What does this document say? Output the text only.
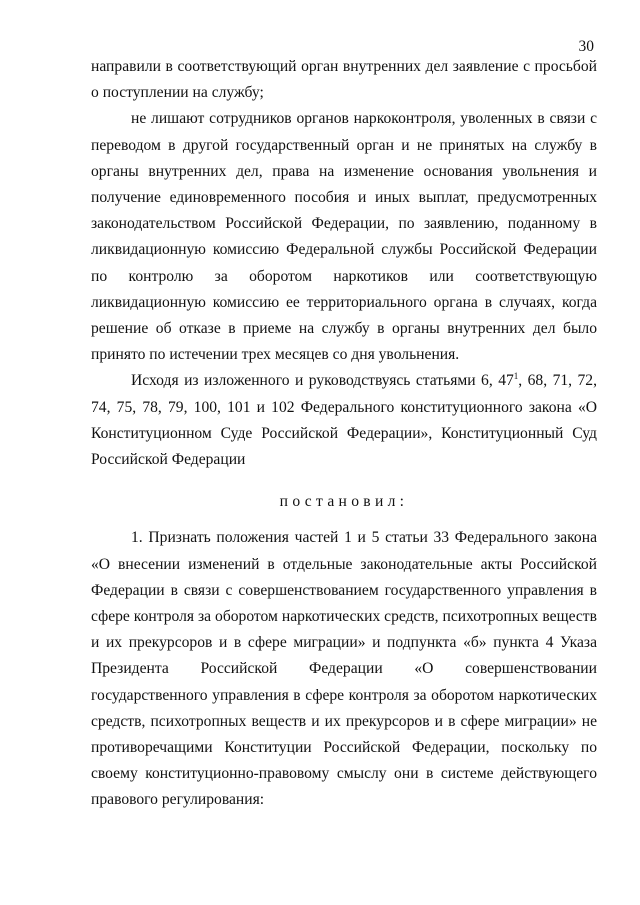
30

направили в соответствующий орган внутренних дел заявление с просьбой о поступлении на службу;

не лишают сотрудников органов наркоконтроля, уволенных в связи с переводом в другой государственный орган и не принятых на службу в органы внутренних дел, права на изменение основания увольнения и получение единовременного пособия и иных выплат, предусмотренных законодательством Российской Федерации, по заявлению, поданному в ликвидационную комиссию Федеральной службы Российской Федерации по контролю за оборотом наркотиков или соответствующую ликвидационную комиссию ее территориального органа в случаях, когда решение об отказе в приеме на службу в органы внутренних дел было принято по истечении трех месяцев со дня увольнения.

Исходя из изложенного и руководствуясь статьями 6, $47^1$, 68, 71, 72, 74, 75, 78, 79, 100, 101 и 102 Федерального конституционного закона «О Конституционном Суде Российской Федерации», Конституционный Суд Российской Федерации

постановил:

1. Признать положения частей 1 и 5 статьи 33 Федерального закона «О внесении изменений в отдельные законодательные акты Российской Федерации в связи с совершенствованием государственного управления в сфере контроля за оборотом наркотических средств, психотропных веществ и их прекурсоров и в сфере миграции» и подпункта «б» пункта 4 Указа Президента Российской Федерации «О совершенствовании государственного управления в сфере контроля за оборотом наркотических средств, психотропных веществ и их прекурсоров и в сфере миграции» не противоречащими Конституции Российской Федерации, поскольку по своему конституционно-правовому смыслу они в системе действующего правового регулирования:
